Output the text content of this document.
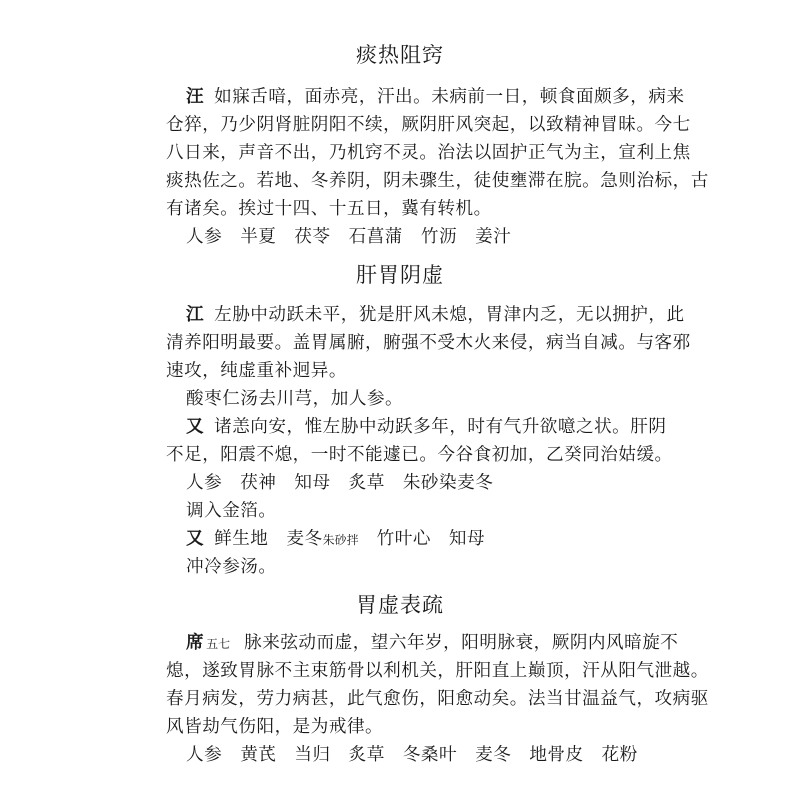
痰热阻窍
汪 如寐舌喑，面赤亮，汗出。未病前一日，顿食面颇多，病来
仓猝，乃少阴肾脏阴阳不续，厥阴肝风突起，以致精神冒昧。今七
八日来，声音不出，乃机窍不灵。治法以固护正气为主，宣利上焦
痰热佐之。若地、冬养阴，阴未骤生，徒使壅滞在脘。急则治标，古
有诸矣。挨过十四、十五日，冀有转机。
人参 半夏 茯苓 石菖蒲 竹沥 姜汁
肝胃阴虚
江 左胁中动跃未平，犹是肝风未熄，胃津内乏，无以拥护，此
清养阳明最要。盖胃属腑，腑强不受木火来侵，病当自减。与客邪
速攻，纯虚重补迥异。
酸枣仁汤去川芎，加人参。
又 诸恙向安，惟左胁中动跃多年，时有气升欲噫之状。肝阴
不足，阳震不熄，一时不能遽已。今谷食初加，乙癸同治姑缓。
人参 茯神 知母 炙草 朱砂染麦冬
调入金箔。
又 鲜生地 麦冬朱砂拌 竹叶心 知母
冲冷参汤。
胃虚表疏
席 五七 脉来弦动而虚，望六年岁，阳明脉衰，厥阴内风暗旋不
熄，遂致胃脉不主束筋骨以利机关，肝阳直上巅顶，汗从阳气泄越。
春月病发，劳力病甚，此气愈伤，阳愈动矣。法当甘温益气，攻病驱
风皆劫气伤阳，是为戒律。
人参 黄芪 当归 炙草 冬桑叶 麦冬 地骨皮 花粉
